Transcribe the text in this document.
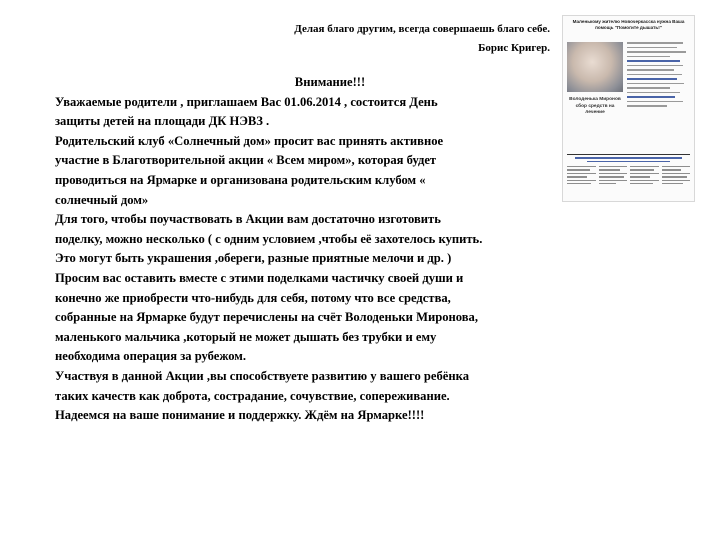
Делая благо другим, всегда совершаешь благо себе.
Борис Кригер.

Внимание!!!

Уважаемые родители , приглашаем Вас 01.06.2014 , состоится День

защиты детей на площади ДК НЭВЗ .

Родительский клуб «Солнечный дом» просит вас принять активное

участие в Благотворительной акции « Всем миром», которая будет

проводиться на Ярмарке и организована родительским клубом «

солнечный дом»

Для того, чтобы поучаствовать в Акции вам достаточно изготовить

поделку, можно несколько ( с одним условием ,чтобы её захотелось купить.

Это могут быть украшения ,обереги, разные приятные мелочи и др. )

Просим вас оставить вместе с этими поделками частичку своей души и

конечно же приобрести что-нибудь для себя, потому что все средства,

собранные на Ярмарке будут перечислены на счёт Володеньки Миронова,

маленького мальчика ,который не может дышать без трубки и ему

необходима операция за рубежом.

Участвуя в данной Акции ,вы способствуете развитию у вашего ребёнка

таких качеств как доброта, сострадание, сочувствие, сопереживание.

Надеемся на ваше понимание и поддержку. Ждём на Ярмарке!!!!

Маленькому жителю Новочеркасска нужна Ваша помощь "Помогите дышать!"
Володенька Миронов сбор средств на лечение
